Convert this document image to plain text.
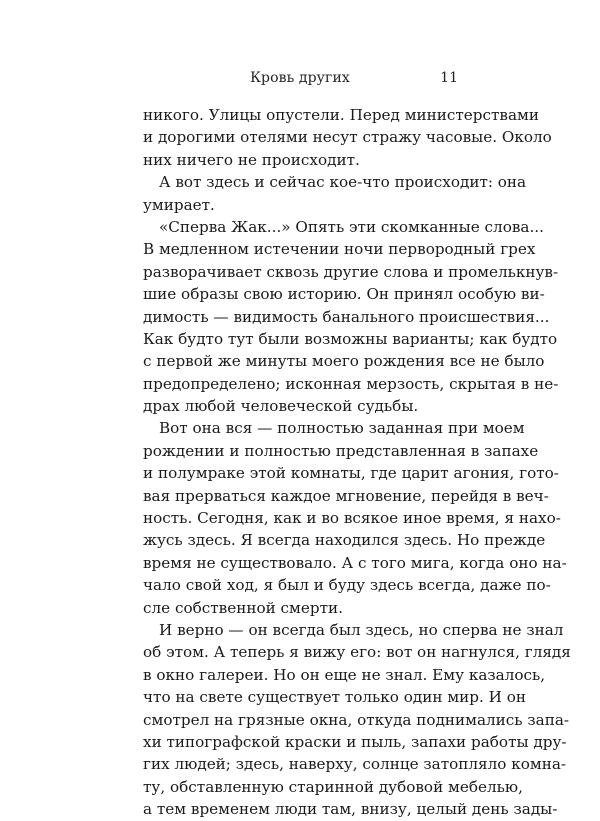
Кровь других	11

никого. Улицы опустели. Перед министерствами

и дорогими отелями несут стражу часовые. Около

них ничего не происходит.

А вот здесь и сейчас кое-что происходит: она

умирает.

«Сперва Жак...» Опять эти скомканные слова...

В медленном истечении ночи первородный грех

разворачивает сквозь другие слова и промелькнув-

шие образы свою историю. Он принял особую ви-

димость — видимость банального происшествия...

Как будто тут были возможны варианты; как будто

с первой же минуты моего рождения все не было

предопределено; исконная мерзость, скрытая в не-

драх любой человеческой судьбы.

Вот она вся — полностью заданная при моем

рождении и полностью представленная в запахе

и полумраке этой комнаты, где царит агония, гото-

вая прерваться каждое мгновение, перейдя в веч-

ность. Сегодня, как и во всякое иное время, я нахо-

жусь здесь. Я всегда находился здесь. Но прежде

время не существовало. А с того мига, когда оно на-

чало свой ход, я был и буду здесь всегда, даже по-

сле собственной смерти.

И верно — он всегда был здесь, но сперва не знал

об этом. А теперь я вижу его: вот он нагнулся, глядя

в окно галереи. Но он еще не знал. Ему казалось,

что на свете существует только один мир. И он

смотрел на грязные окна, откуда поднимались запа-

хи типографской краски и пыль, запахи работы дру-

гих людей; здесь, наверху, солнце затопляло комна-

ту, обставленную старинной дубовой мебелью,

а тем временем люди там, внизу, целый день зады-
